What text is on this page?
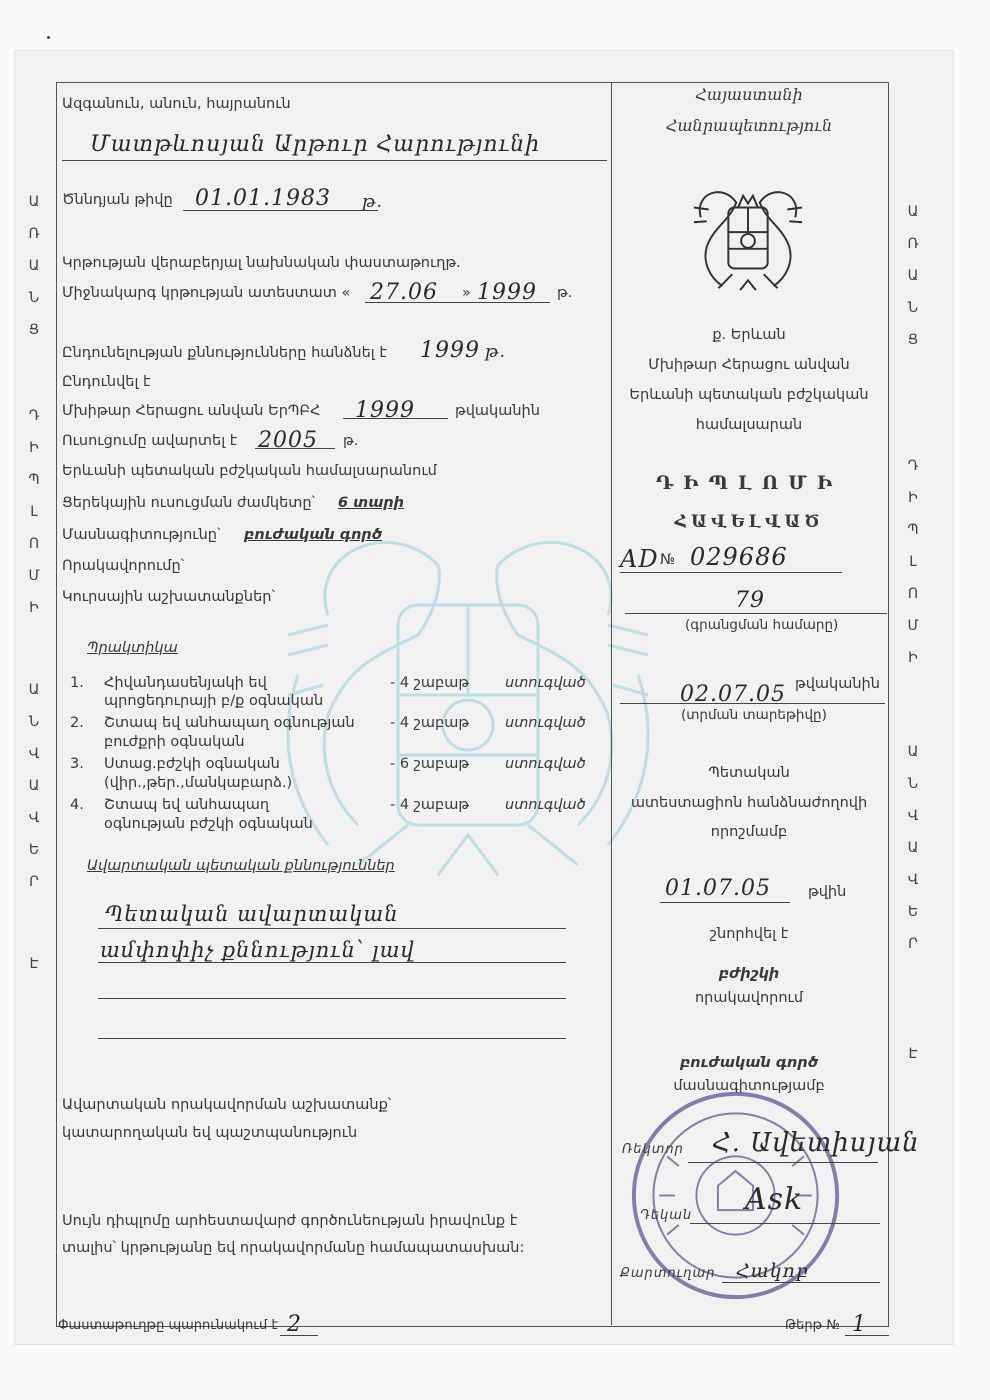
Ա
Ռ
Ա
Ն
Ց
Դ
Ի
Պ
Լ
Ո
Մ
Ի
Ա
Ն
Վ
Ա
Վ
Ե
Ր
Է
Ա
Ռ
Ա
Ն
Ց
Դ
Ի
Պ
Լ
Ո
Մ
Ի
Ա
Ն
Վ
Ա
Վ
Ե
Ր
Է
Ազգանուն, անուն, հայրանուն
Մատթևոսյան Արթուր Հարությունի
Ծննդյան թիվը 01.01.1983 թ.
Կրթության վերաբերյալ նախնական փաստաթուղթ.
Միջնակարգ կրթության ատեստատ « 27.06 » 1999 թ.
Ընդունելության քննությունները հանձնել է 1999 թ.
Ընդունվել է
Մխիթար Հերացու անվան ԵրՊԲՀ 1999	թվականին
Ուսուցումը ավարտել է 2005 թ.
Երևանի պետական բժշկական համալսարանում
Ցերեկային ուսուցման ժամկետը՝ 6 տարի
Մասնագիտությունը՝ բուժական գործ
Որակավորումը՝
Կուրսային աշխատանքներ՝
Պրակտիկա
1. Հիվանդասենյակի եվ
պրոցեդուրայի բ/ք օգնական
- 4 շաբաթ ստուգված
2. Շտապ եվ անհապաղ օգնության
բուժքրի օգնական
- 4 շաբաթ ստուգված
3. Ստաց.բժշկի օգնական
(վիր.,թեր.,մանկաբարձ.)
- 6 շաբաթ ստուգված
4. Շտապ եվ անհապաղ
օգնության բժշկի օգնական
- 4 շաբաթ ստուգված
Ավարտական պետական քննություններ
Պետական ավարտական
ամփոփիչ քննություն՝ լավ
Ավարտական որակավորման աշխատանք՝
կատարողական եվ պաշտպանություն
Սույն դիպլոմը արհեստավարժ գործունեության իրավունք է
տալիս՝ կրթությանը եվ որակավորմանը համապատասխան:
Հայաստանի
Հանրապետություն
ք. Երևան
Մխիթար Հերացու անվան
Երևանի պետական բժշկական
համալսարան
ԴԻՊԼՈՄԻ
ՀԱՎԵԼՎԱԾ
AD № 029686
79
(գրանցման համարը)
02.07.05 թվականին
(տրման տարեթիվը)
Պետական
ատեստացիոն հանձնաժողովի
որոշմամբ
01.07.05	թվին
շնորհվել է
բժիշկի
որակավորում
բուժական գործ
մասնագիտությամբ
Ռեկտոր Հ. Ավետիսյան
Դեկան Ask
Քարտուղար Հակոբ
Փաստաթուղթը պարունակում է 2	Թերթ № 1
